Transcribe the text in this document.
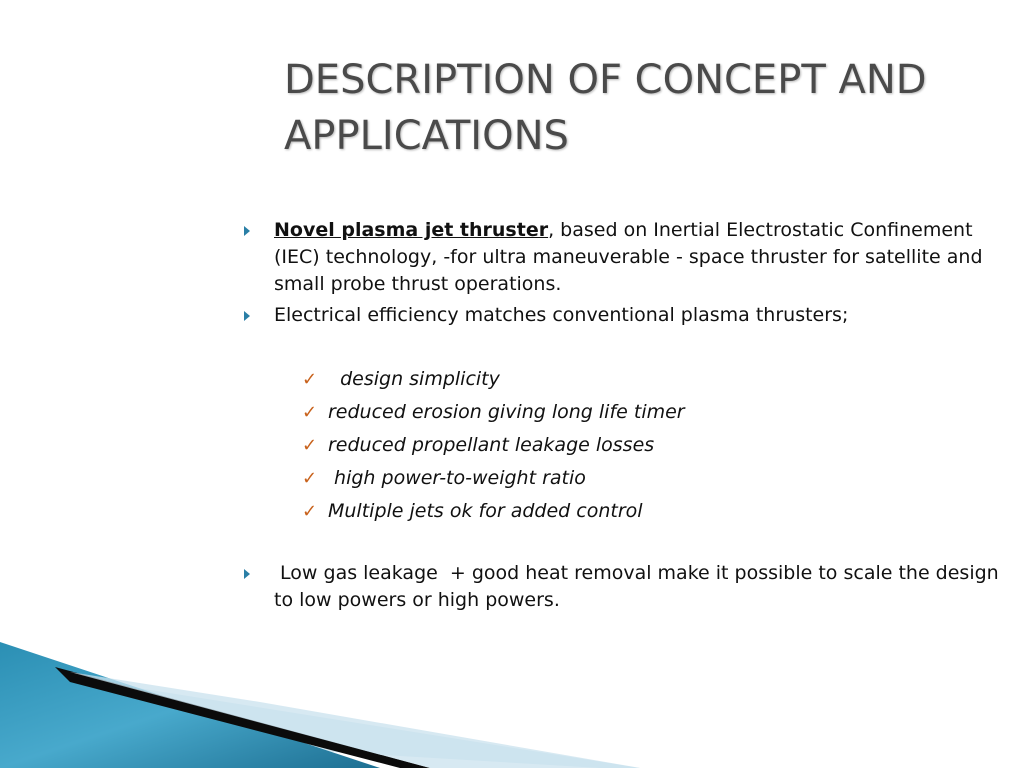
DESCRIPTION OF CONCEPT AND APPLICATIONS

Novel plasma jet thruster, based on Inertial Electrostatic Confinement (IEC) technology, -for ultra maneuverable - space thruster for satellite and small probe thrust operations.

Electrical efficiency matches conventional plasma thrusters;

✓ design simplicity
✓ reduced erosion giving long life timer
✓ reduced propellant leakage losses
✓ high power-to-weight ratio
✓ Multiple jets ok for added control

Low gas leakage  + good heat removal make it possible to scale the design to low powers or high powers.
